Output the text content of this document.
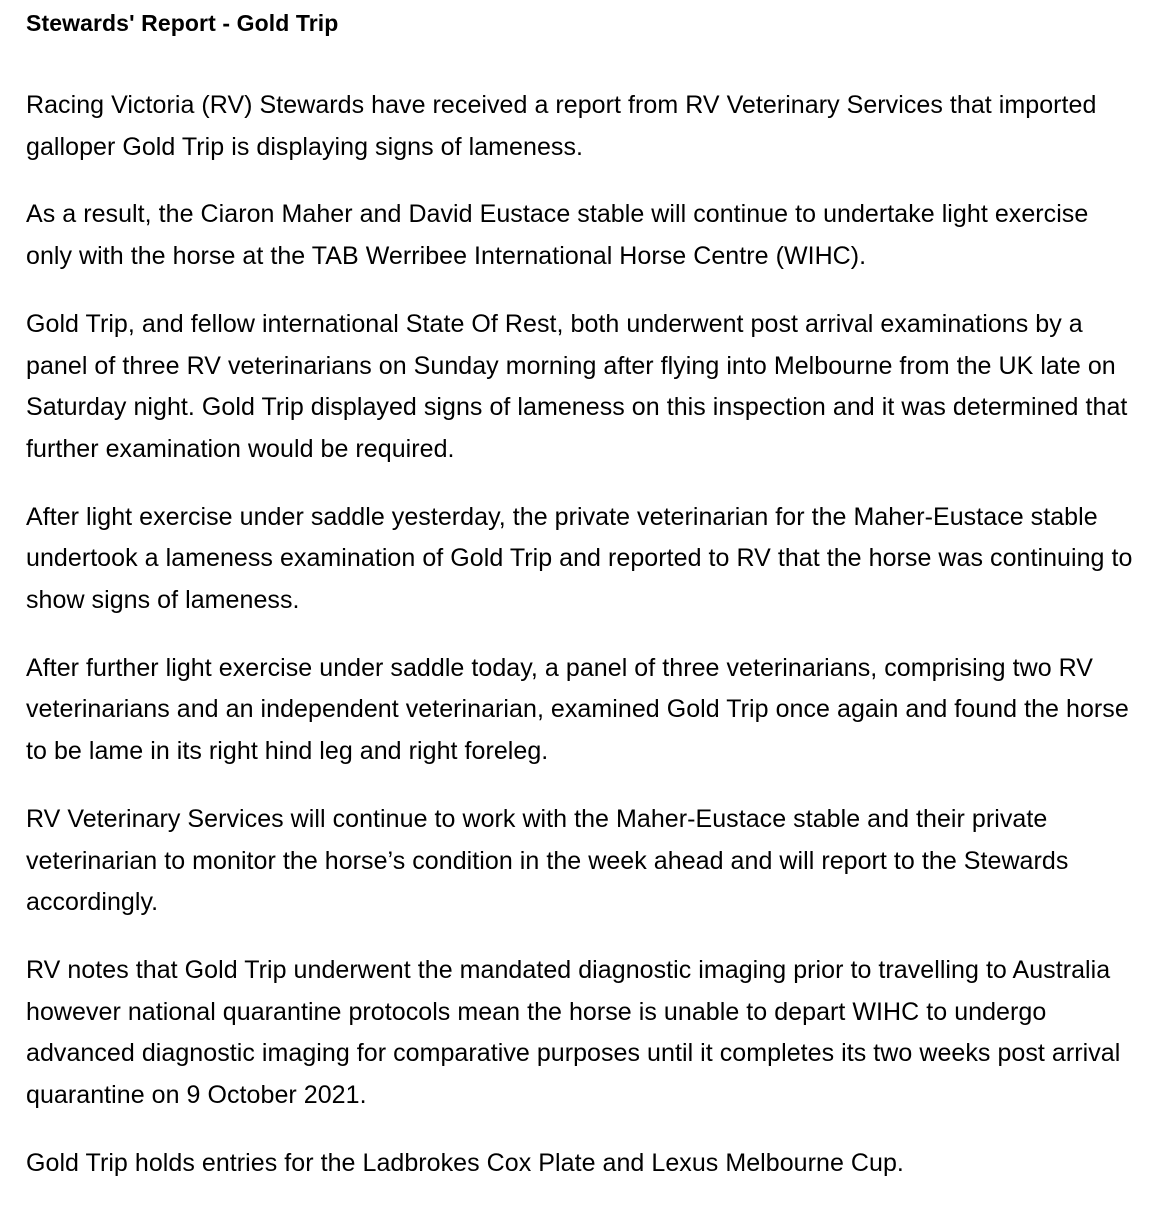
Stewards' Report - Gold Trip

Racing Victoria (RV) Stewards have received a report from RV Veterinary Services that imported galloper Gold Trip is displaying signs of lameness.

As a result, the Ciaron Maher and David Eustace stable will continue to undertake light exercise only with the horse at the TAB Werribee International Horse Centre (WIHC).

Gold Trip, and fellow international State Of Rest, both underwent post arrival examinations by a panel of three RV veterinarians on Sunday morning after flying into Melbourne from the UK late on Saturday night. Gold Trip displayed signs of lameness on this inspection and it was determined that further examination would be required.

After light exercise under saddle yesterday, the private veterinarian for the Maher-Eustace stable undertook a lameness examination of Gold Trip and reported to RV that the horse was continuing to show signs of lameness.

After further light exercise under saddle today, a panel of three veterinarians, comprising two RV veterinarians and an independent veterinarian, examined Gold Trip once again and found the horse to be lame in its right hind leg and right foreleg.

RV Veterinary Services will continue to work with the Maher-Eustace stable and their private veterinarian to monitor the horse’s condition in the week ahead and will report to the Stewards accordingly.

RV notes that Gold Trip underwent the mandated diagnostic imaging prior to travelling to Australia however national quarantine protocols mean the horse is unable to depart WIHC to undergo advanced diagnostic imaging for comparative purposes until it completes its two weeks post arrival quarantine on 9 October 2021.

Gold Trip holds entries for the Ladbrokes Cox Plate and Lexus Melbourne Cup.
